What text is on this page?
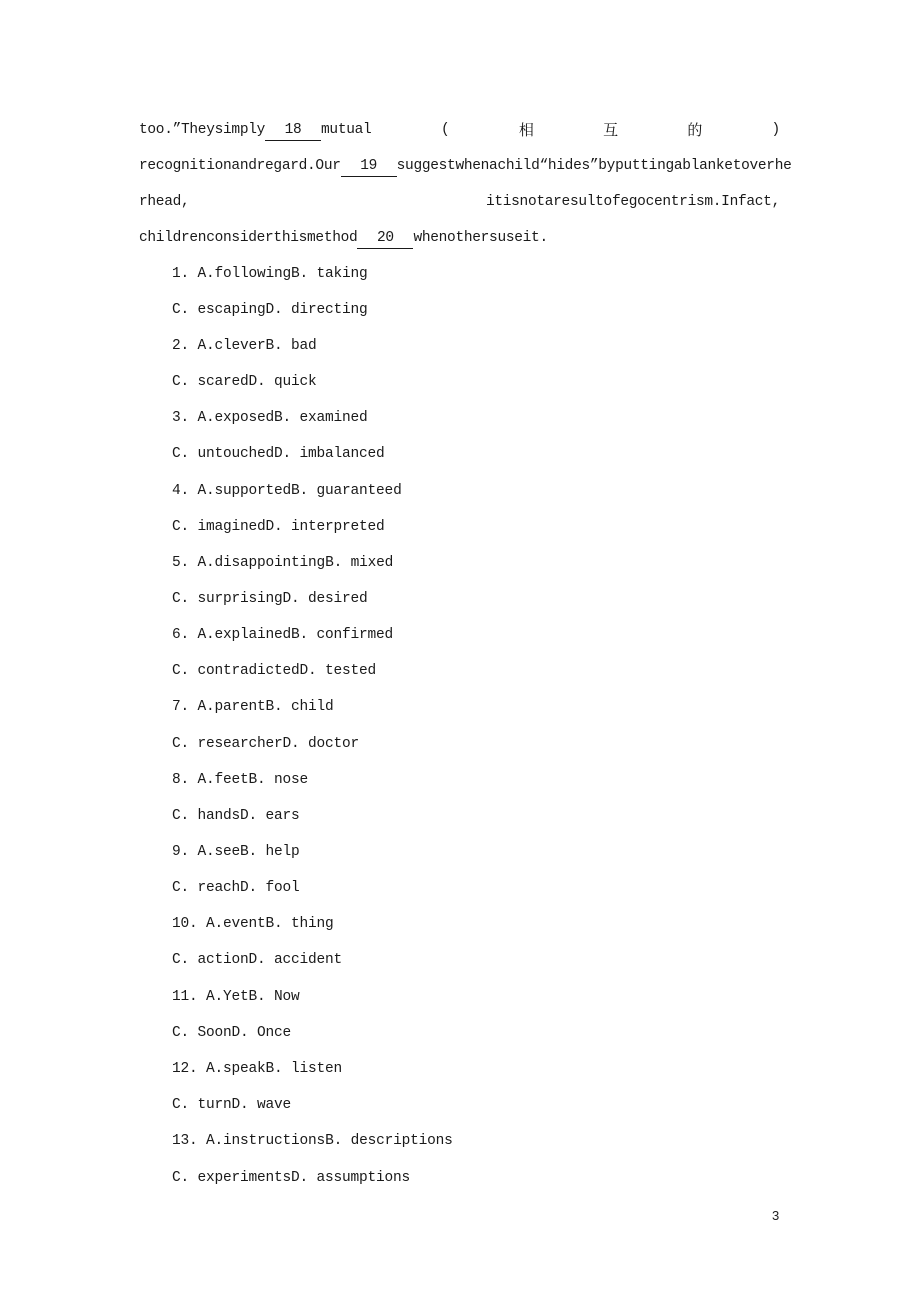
too.”Theysimply 18 mutual	(	相	互	的	)
recognitionandregard.Our 19 suggestwhenachild“hides”byputtingablanketoverhe
rhead,	itisnotaresultofegocentrism.Infact,
childrenconsiderthismethod 20 whenothersuseit.
1. A.followingB. taking
C. escapingD. directing
2. A.cleverB. bad
C. scaredD. quick
3. A.exposedB. examined
C. untouchedD. imbalanced
4. A.supportedB. guaranteed
C. imaginedD. interpreted
5. A.disappointingB. mixed
C. surprisingD. desired
6. A.explainedB. confirmed
C. contradictedD. tested
7. A.parentB. child
C. researcherD. doctor
8. A.feetB. nose
C. handsD. ears
9. A.seeB. help
C. reachD. fool
10. A.eventB. thing
C. actionD. accident
11. A.YetB. Now
C. SoonD. Once
12. A.speakB. listen
C. turnD. wave
13. A.instructionsB. descriptions
C. experimentsD. assumptions
3
